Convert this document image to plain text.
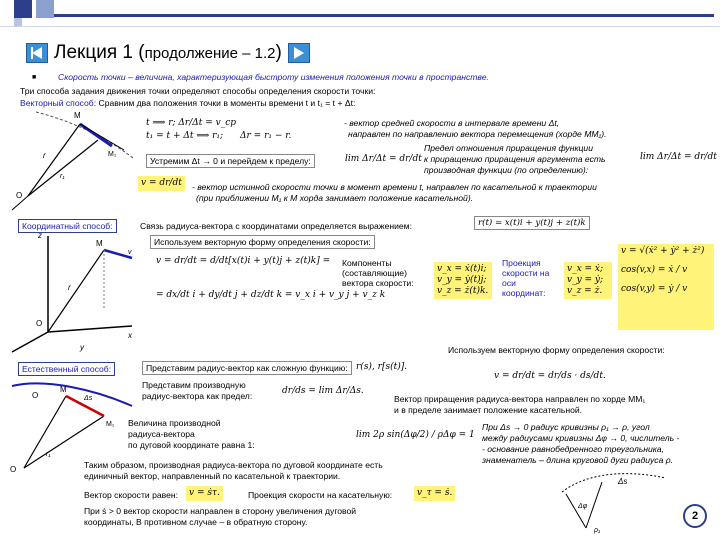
Лекция 1 (продолжение – 1.2)
■	Скорость точки – величина, характеризующая быстроту изменения положения точки в пространстве.
Три способа задания движения точки определяют способы определения скорости точки:
Векторный способ: Сравним два положения точки в моменты времени t и t₁ = t + Δt:
M
M₁
r
r₁
O
t ⟹ r; Δr/Δt = v_ср
t₁ = t + Δt ⟹ r₁; Δr = r₁ − r.
- вектор средней скорости в интервале времени Δt,
направлен по направлению вектора перемещения (хорде MM₁).
Устремим Δt → 0 и перейдем к пределу:	lim Δr/Δt = dr/dt
Предел отношения приращения функции
к приращению приращения аргумента есть
производная функции (по определению):
lim Δr/Δt = dr/dt
v = dr/dt	- вектор истинной скорости точки в момент времени t, направлен по касательной к траектории
(при приближении M₁ к M хорда занимает положение касательной).
Координатный способ:	Связь радиуса-вектора с координатами определяется выражением:	r(t) = x(t)i + y(t)j + z(t)k
Используем векторную форму определения скорости:
z
M
v
r
O
x
y
v = dr/dt = d/dt[x(t)i + y(t)j + z(t)k] =
= dx/dt i + dy/dt j + dz/dt k = v_x i + v_y j + v_z k
Компоненты (составляющие) вектора скорости:
v_x = ẋ(t)i;
v_y = ẏ(t)j;
v_z = ż(t)k.
Проекция скорости на оси координат:
v_x = ẋ;
v_y = ẏ;
v_z = ż.
v = √(ẋ² + ẏ² + ż²)
cos(v,x) = ẋ / v
cos(v,y) = ẏ / v
Используем векторную форму определения скорости:
Естественный способ:	Представим радиус-вектор как сложную функцию: r(s), r[s(t)].
v = dr/dt = dr/ds · ds/dt.
Представим производную
радиус-вектора как предел:	dr/ds = lim Δr/Δs.
Вектор приращения радиуса-вектора направлен по хорде MM₁
и в пределе занимает положение касательной.
M
M₁
O
O
Δs
r₁
Величина производной
радиуса-вектора
по дуговой координате равна 1:
lim 2ρ sin(Δφ/2) / ρΔφ = 1
При Δs → 0 радиус кривизны ρ₁ → ρ, угол
между радиусами кривизны Δφ → 0, числитель -
- основание равнобедренного треугольника,
знаменатель – длина круговой дуги радиуса ρ.
Таким образом, производная радиуса-вектора по дуговой координате есть
единичный вектор, направленный по касательной к траектории.
Вектор скорости равен:	v = ṡτ.	Проекция скорости на касательную:	v_τ = ṡ.
При ṡ > 0 вектор скорости направлен в сторону увеличения дуговой
координаты, В противном случае – в обратную сторону.
Δs
Δφ
ρ₁
2
